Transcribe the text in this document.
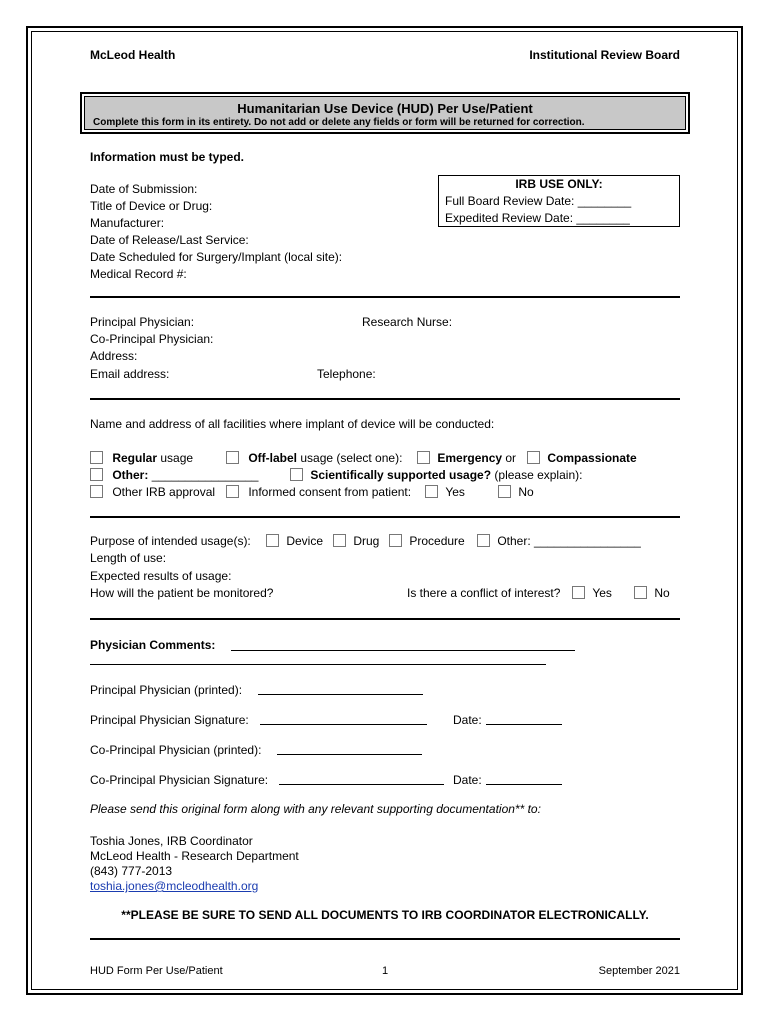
McLeod Health	Institutional Review Board
Humanitarian Use Device (HUD) Per Use/Patient
Complete this form in its entirety. Do not add or delete any fields or form will be returned for correction.
Information must be typed.
Date of Submission:
Title of Device or Drug:
Manufacturer:
Date of Release/Last Service:
Date Scheduled for Surgery/Implant (local site):
Medical Record #:
IRB USE ONLY:
Full Board Review Date: ________
Expedited Review Date: ________
Principal Physician:	Research Nurse:
Co-Principal Physician:
Address:
Email address:	Telephone:
Name and address of all facilities where implant of device will be conducted:
Regular usage	Off-label usage (select one):	Emergency or	Compassionate
Other: ________________	Scientifically supported usage? (please explain):
Other IRB approval	Informed consent from patient:	Yes	No
Purpose of intended usage(s):	Device	Drug	Procedure	Other: ________________
Length of use:
Expected results of usage:
How will the patient be monitored?	Is there a conflict of interest?	Yes	No
Physician Comments:
Principal Physician (printed):
Principal Physician Signature:	Date:
Co-Principal Physician (printed):
Co-Principal Physician Signature:	Date:
Please send this original form along with any relevant supporting documentation** to:
Toshia Jones, IRB Coordinator
McLeod Health - Research Department
(843) 777-2013
toshia.jones@mcleodhealth.org
**PLEASE BE SURE TO SEND ALL DOCUMENTS TO IRB COORDINATOR ELECTRONICALLY.
HUD Form Per Use/Patient	1	September 2021
